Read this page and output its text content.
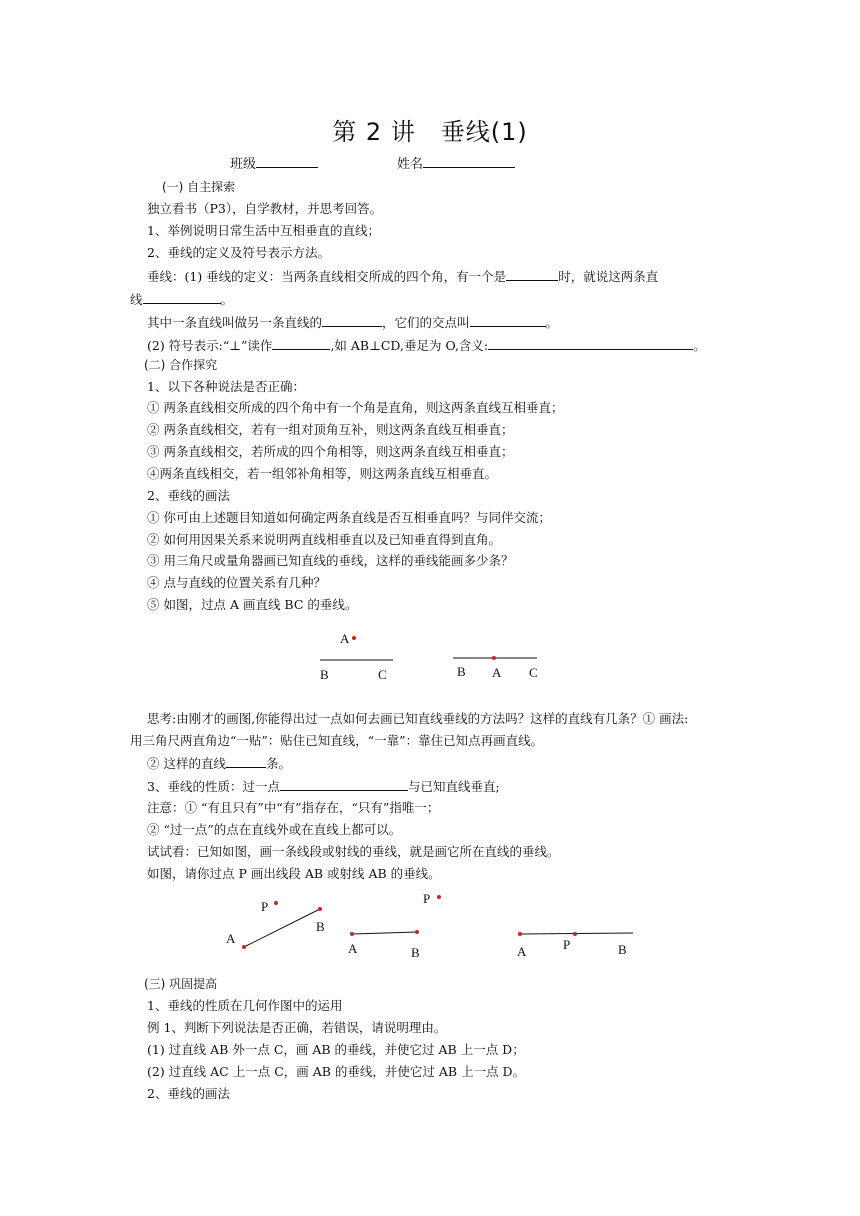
第 2 讲　垂线(1)
班级	姓名
(一) 自主探索
独立看书（P3），自学教材，并思考回答。
1、举例说明日常生活中互相垂直的直线；
2、垂线的定义及符号表示方法。
垂线：(1) 垂线的定义：当两条直线相交所成的四个角，有一个是	时，就说这两条直
线	。
其中一条直线叫做另一条直线的	，它们的交点叫	。
(2) 符号表示:“⊥”读作	,如 AB⊥CD,垂足为 O,含义:	。
(二) 合作探究
1、以下各种说法是否正确：
① 两条直线相交所成的四个角中有一个角是直角，则这两条直线互相垂直；
② 两条直线相交，若有一组对顶角互补，则这两条直线互相垂直；
③ 两条直线相交，若所成的四个角相等，则这两条直线互相垂直；
④两条直线相交，若一组邻补角相等，则这两条直线互相垂直。
2、垂线的画法
① 你可由上述题目知道如何确定两条直线是否互相垂直吗？与同伴交流；
② 如何用因果关系来说明两直线相垂直以及已知垂直得到直角。
③ 用三角尺或量角器画已知直线的垂线，这样的垂线能画多少条？
④ 点与直线的位置关系有几种？
⑤ 如图，过点 A 画直线 BC 的垂线。
思考:由刚才的画图,你能得出过一点如何去画已知直线垂线的方法吗？这样的直线有几条？① 画法:
用三角尺两直角边“一贴”：贴住已知直线，“一靠”：靠住已知点再画直线。
② 这样的直线	条。
3、垂线的性质：过一点	与已知直线垂直;
注意：① “有且只有”中“有”指存在，“只有”指唯一；
② “过一点”的点在直线外或在直线上都可以。
试试看：已知如图，画一条线段或射线的垂线，就是画它所在直线的垂线。
如图，请你过点 P 画出线段 AB 或射线 AB 的垂线。
(三) 巩固提高
1、垂线的性质在几何作图中的运用
例 1、判断下列说法是否正确，若错误，请说明理由。
(1) 过直线 AB 外一点 C，画 AB 的垂线，并使它过 AB 上一点 D；
(2) 过直线 AC 上一点 C，画 AB 的垂线，并使它过 AB 上一点 D。
2、垂线的画法
A
B	C	B A C
P
A
B
P
A	B	A	P	B
